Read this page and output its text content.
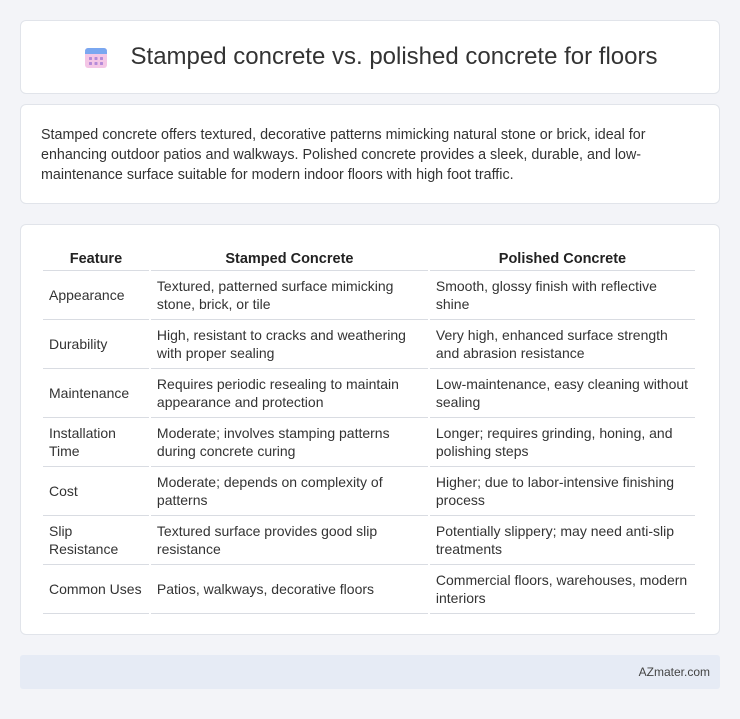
Stamped concrete vs. polished concrete for floors

Stamped concrete offers textured, decorative patterns mimicking natural stone or brick, ideal for enhancing outdoor patios and walkways. Polished concrete provides a sleek, durable, and low-maintenance surface suitable for modern indoor floors with high foot traffic.

Feature	Stamped Concrete	Polished Concrete
Appearance	Textured, patterned surface mimicking stone, brick, or tile	Smooth, glossy finish with reflective shine
Durability	High, resistant to cracks and weathering with proper sealing	Very high, enhanced surface strength and abrasion resistance
Maintenance	Requires periodic resealing to maintain appearance and protection	Low-maintenance, easy cleaning without sealing
Installation Time	Moderate; involves stamping patterns during concrete curing	Longer; requires grinding, honing, and polishing steps
Cost	Moderate; depends on complexity of patterns	Higher; due to labor-intensive finishing process
Slip Resistance	Textured surface provides good slip resistance	Potentially slippery; may need anti-slip treatments
Common Uses	Patios, walkways, decorative floors	Commercial floors, warehouses, modern interiors
AZmater.com
